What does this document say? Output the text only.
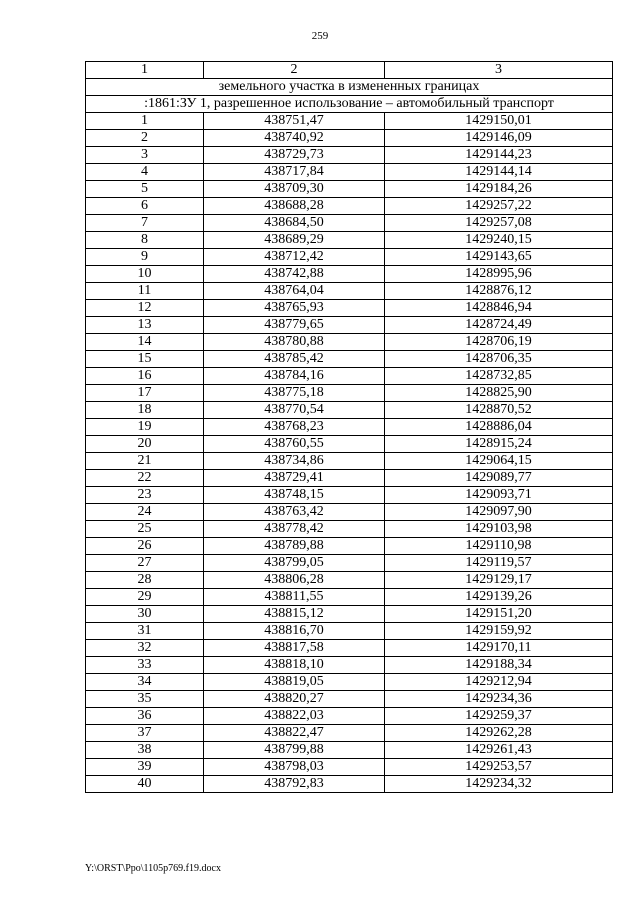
259
1	2	3
земельного участка в измененных границах		
:1861:ЗУ 1, разрешенное использование – автомобильный транспорт		
1	438751,47	1429150,01
2	438740,92	1429146,09
3	438729,73	1429144,23
4	438717,84	1429144,14
5	438709,30	1429184,26
6	438688,28	1429257,22
7	438684,50	1429257,08
8	438689,29	1429240,15
9	438712,42	1429143,65
10	438742,88	1428995,96
11	438764,04	1428876,12
12	438765,93	1428846,94
13	438779,65	1428724,49
14	438780,88	1428706,19
15	438785,42	1428706,35
16	438784,16	1428732,85
17	438775,18	1428825,90
18	438770,54	1428870,52
19	438768,23	1428886,04
20	438760,55	1428915,24
21	438734,86	1429064,15
22	438729,41	1429089,77
23	438748,15	1429093,71
24	438763,42	1429097,90
25	438778,42	1429103,98
26	438789,88	1429110,98
27	438799,05	1429119,57
28	438806,28	1429129,17
29	438811,55	1429139,26
30	438815,12	1429151,20
31	438816,70	1429159,92
32	438817,58	1429170,11
33	438818,10	1429188,34
34	438819,05	1429212,94
35	438820,27	1429234,36
36	438822,03	1429259,37
37	438822,47	1429262,28
38	438799,88	1429261,43
39	438798,03	1429253,57
40	438792,83	1429234,32
Y:\ORST\Ppo\1105p769.f19.docx
